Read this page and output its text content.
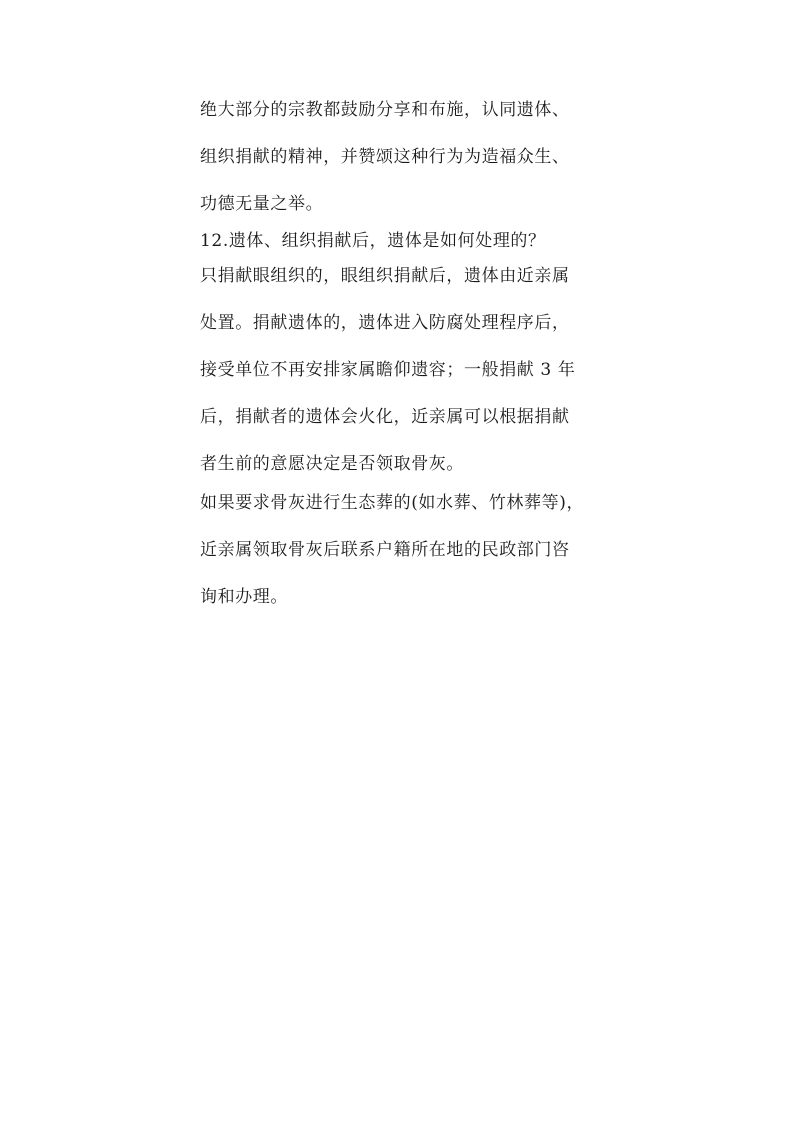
绝大部分的宗教都鼓励分享和布施，认同遗体、
组织捐献的精神，并赞颂这种行为为造福众生、
功德无量之举。
12.遗体、组织捐献后，遗体是如何处理的？
只捐献眼组织的，眼组织捐献后，遗体由近亲属
处置。捐献遗体的，遗体进入防腐处理程序后，
接受单位不再安排家属瞻仰遗容；一般捐献 3 年
后，捐献者的遗体会火化，近亲属可以根据捐献
者生前的意愿决定是否领取骨灰。
如果要求骨灰进行生态葬的(如水葬、竹林葬等)，
近亲属领取骨灰后联系户籍所在地的民政部门咨
询和办理。
